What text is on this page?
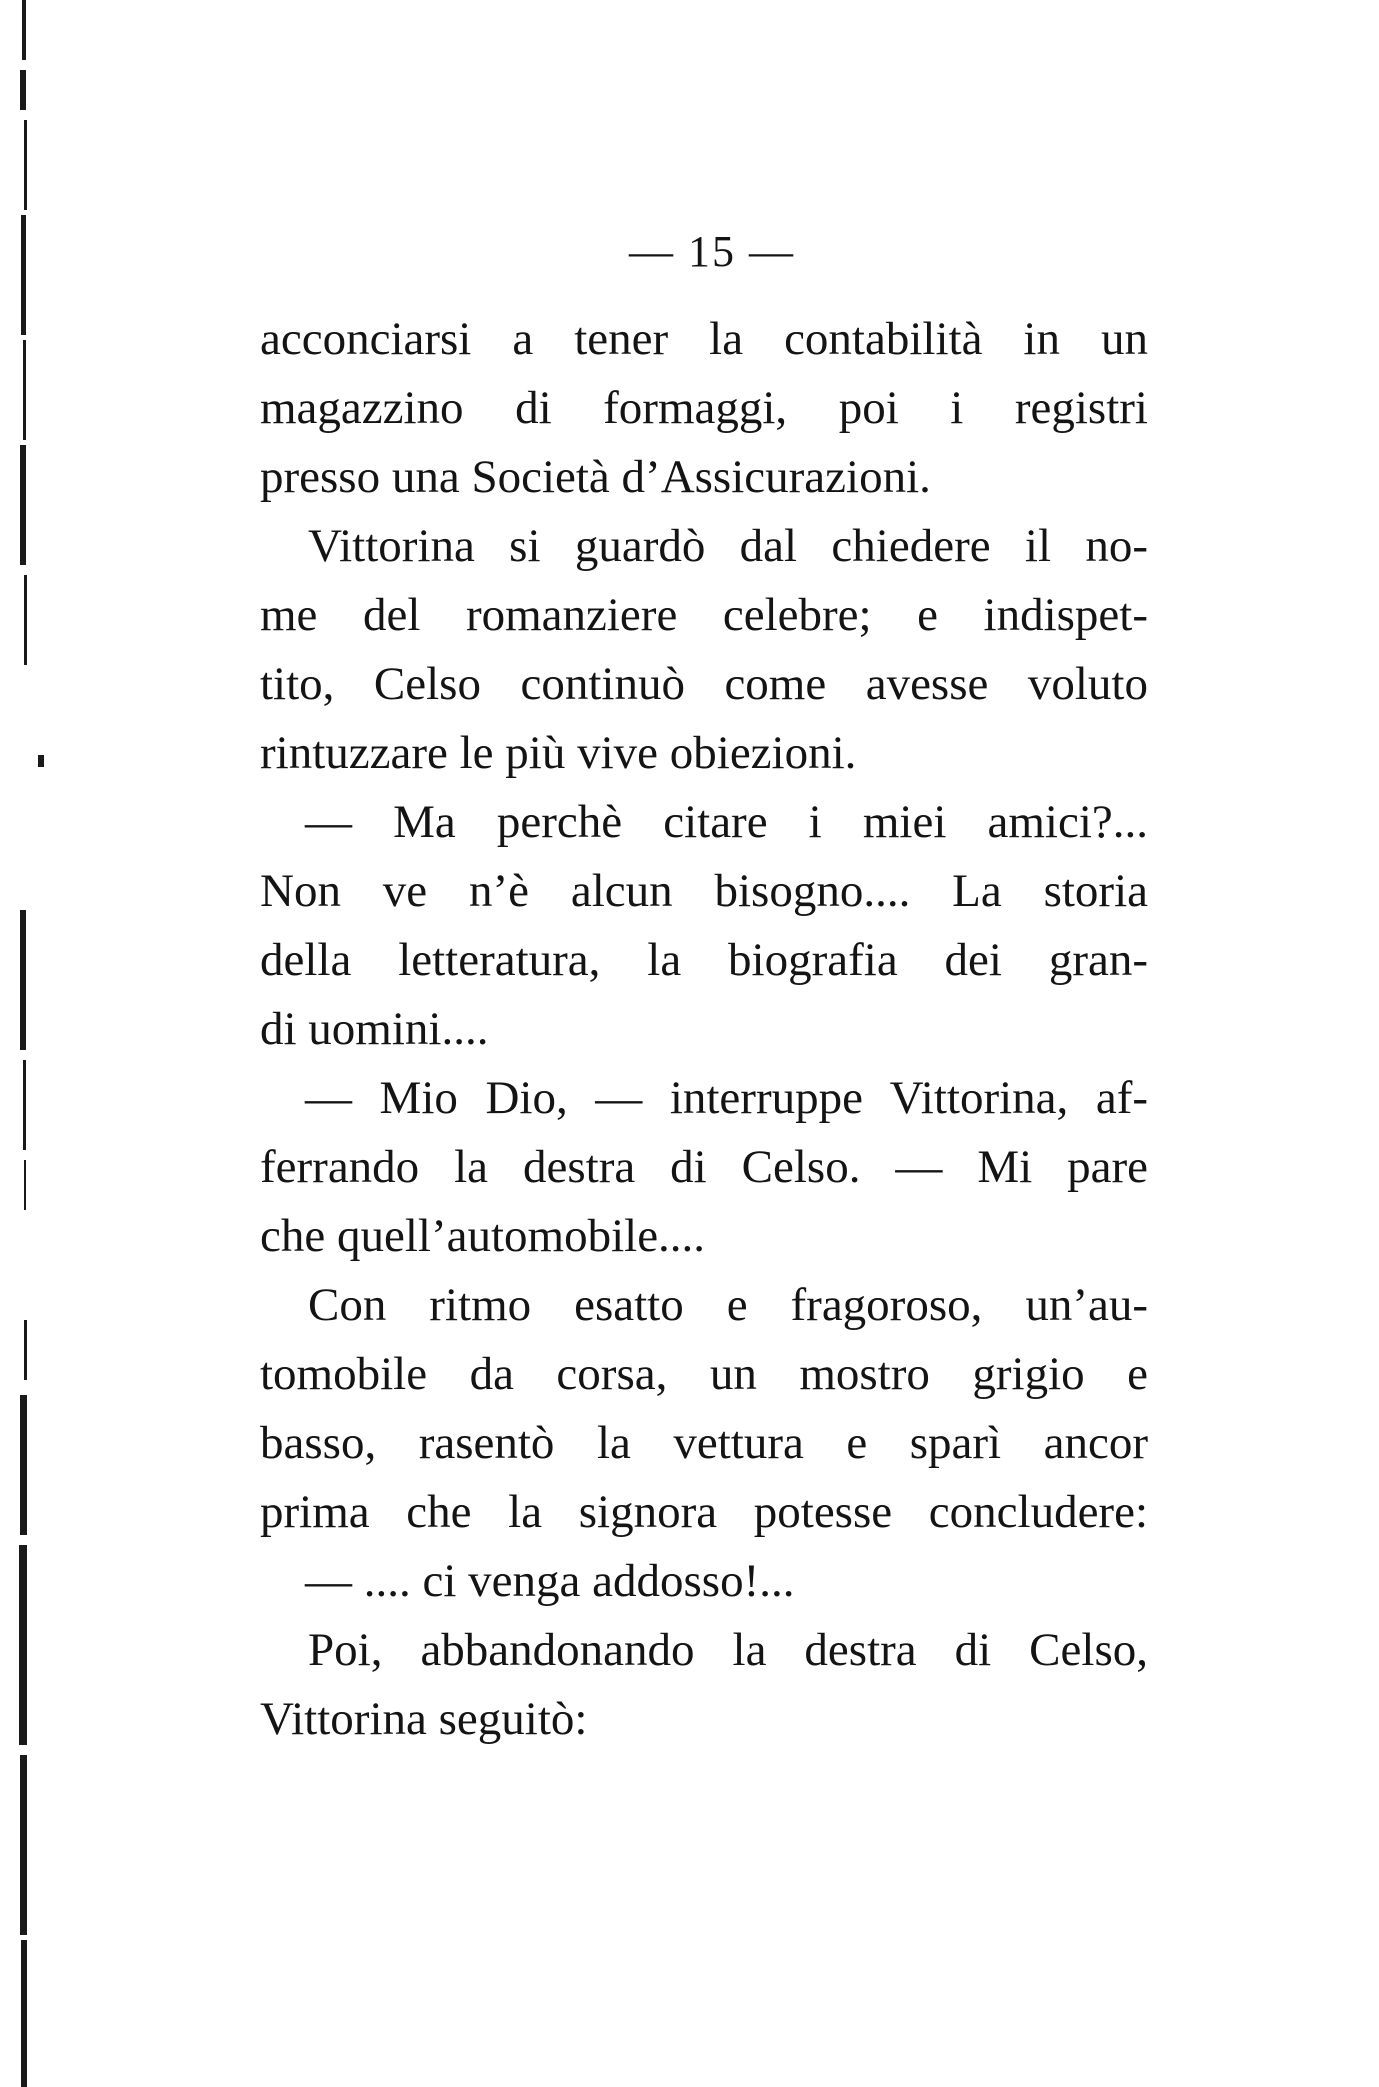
— 15 —
acconciarsi a tener la contabilità in un
magazzino di formaggi, poi i registri
presso una Società d’Assicurazioni.
Vittorina si guardò dal chiedere il no-
me del romanziere celebre; e indispet-
tito, Celso continuò come avesse voluto
rintuzzare le più vive obiezioni.
— Ma perchè citare i miei amici?...
Non ve n’è alcun bisogno.... La storia
della letteratura, la biografia dei gran-
di uomini....
— Mio Dio, — interruppe Vittorina, af-
ferrando la destra di Celso. — Mi pare
che quell’automobile....
Con ritmo esatto e fragoroso, un’au-
tomobile da corsa, un mostro grigio e
basso, rasentò la vettura e sparì ancor
prima che la signora potesse concludere:
— .... ci venga addosso!...
Poi, abbandonando la destra di Celso,
Vittorina seguitò:
